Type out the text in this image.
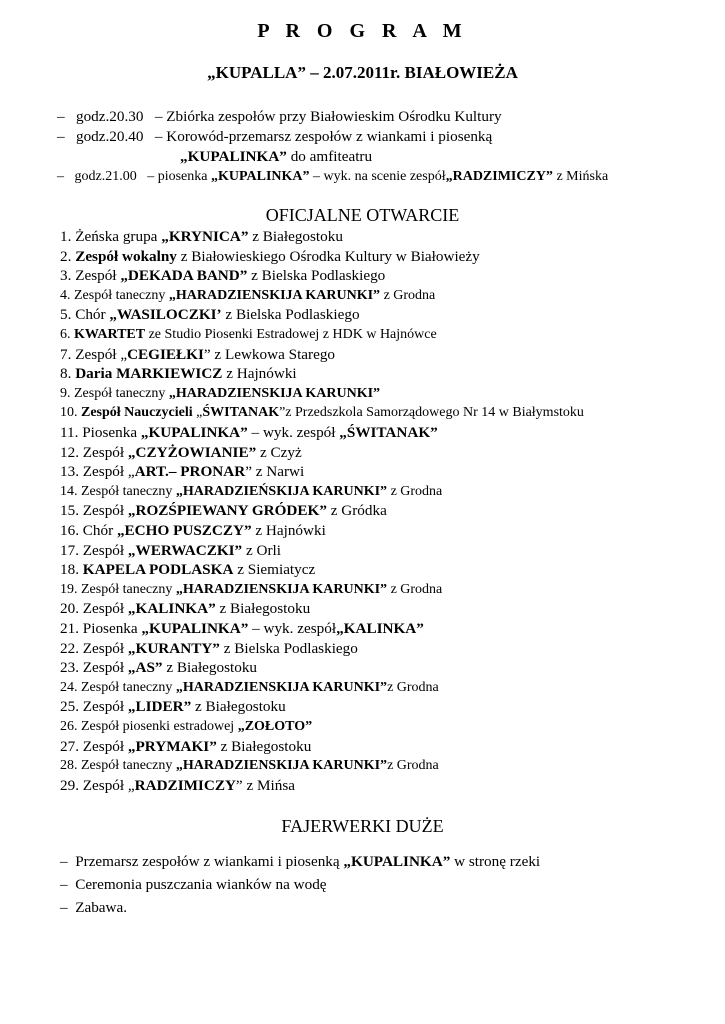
P R O G R A M
„KUPALLA” – 2.07.2011r. BIAŁOWIEŻA
– godz.20.30 – Zbiórka zespołów przy Białowieskim Ośrodku Kultury
– godz.20.40 – Korowód-przemarsz zespołów z wiankami i piosenką
„KUPALINKA” do amfiteatru
– godz.21.00 – piosenka „KUPALINKA” – wyk. na scenie zespół„RADZIMICZY” z Mińska
OFICJALNE OTWARCIE
1. Żeńska grupa „KRYNICA” z Białegostoku
2. Zespół wokalny z Białowieskiego Ośrodka Kultury w Białowieży
3. Zespół „DEKADA BAND” z Bielska Podlaskiego
4. Zespół taneczny „HARADZIENSKIJA KARUNKI” z Grodna
5. Chór „WASILOCZKI’ z Bielska Podlaskiego
6. KWARTET ze Studio Piosenki Estradowej z HDK w Hajnówce
7. Zespół „CEGIEŁKI” z Lewkowa Starego
8. Daria MARKIEWICZ z Hajnówki
9. Zespół taneczny „HARADZIENSKIJA KARUNKI”
10. Zespół Nauczycieli „ŚWITANAK”z Przedszkola Samorządowego Nr 14 w Białymstoku
11. Piosenka „KUPALINKA” – wyk. zespół „ŚWITANAK”
12. Zespół „CZYŻOWIANIE” z Czyż
13. Zespół „ART.– PRONAR” z Narwi
14. Zespół taneczny „HARADZIEŃSKIJA KARUNKI” z Grodna
15. Zespół „ROZŚPIEWANY GRÓDEK” z Gródka
16. Chór „ECHO PUSZCZY” z Hajnówki
17. Zespół „WERWACZKI” z Orli
18. KAPELA PODLASKA z Siemiatycz
19. Zespół taneczny „HARADZIENSKIJA KARUNKI” z Grodna
20. Zespół „KALINKA” z Białegostoku
21. Piosenka „KUPALINKA” – wyk. zespół„KALINKA”
22. Zespół „KURANTY” z Bielska Podlaskiego
23. Zespół „AS” z Białegostoku
24. Zespół taneczny „HARADZIENSKIJA KARUNKI”z Grodna
25. Zespół „LIDER” z Białegostoku
26. Zespół piosenki estradowej „ZOŁOTO”
27. Zespół „PRYMAKI” z Białegostoku
28. Zespół taneczny „HARADZIENSKIJA KARUNKI”z Grodna
29. Zespół „RADZIMICZY” z Mińsa
FAJERWERKI DUŻE
– Przemarsz zespołów z wiankami i piosenką „KUPALINKA” w stronę rzeki
– Ceremonia puszczania wianków na wodę
– Zabawa.
